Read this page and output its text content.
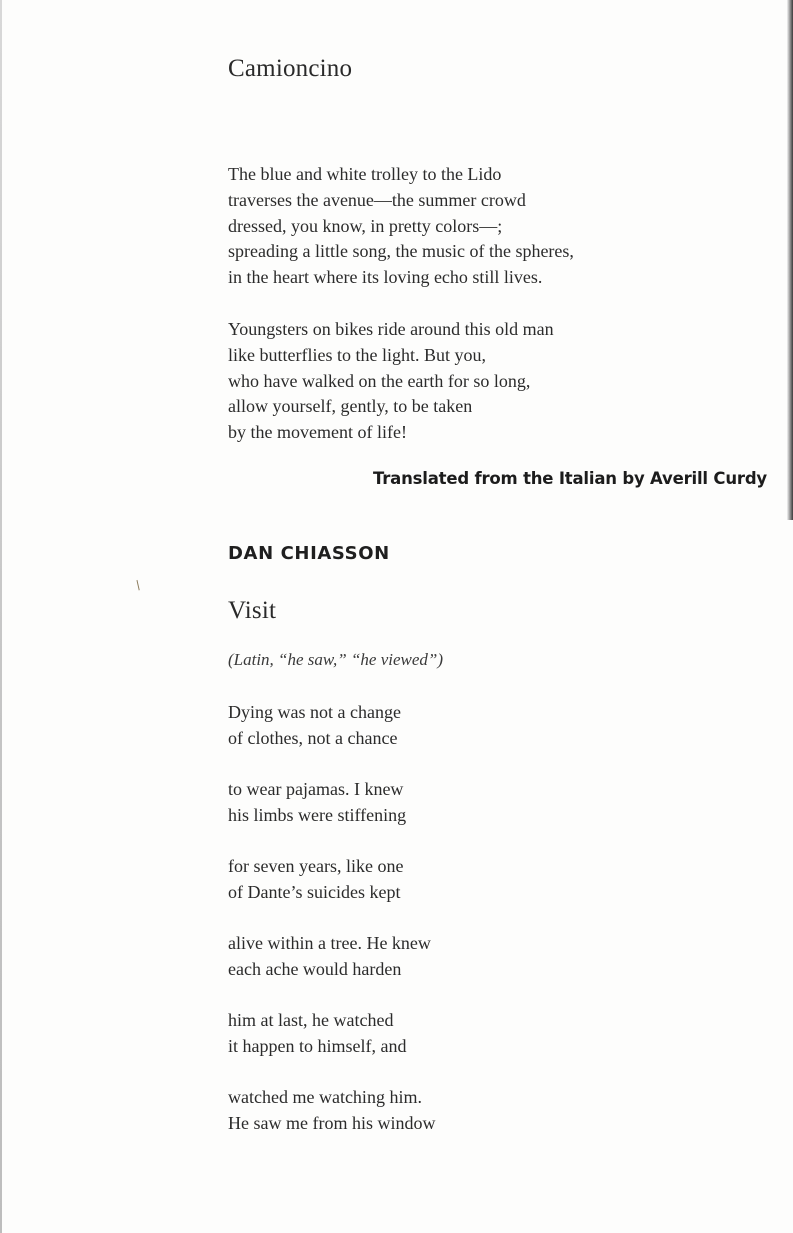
/
Camioncino

The blue and white trolley to the Lido
traverses the avenue—the summer crowd
dressed, you know, in pretty colors—;
spreading a little song, the music of the spheres,
in the heart where its loving echo still lives.

Youngsters on bikes ride around this old man
like butterflies to the light. But you,
who have walked on the earth for so long,
allow yourself, gently, to be taken
by the movement of life!

Translated from the Italian by Averill Curdy
DAN CHIASSON
Visit

(Latin, “he saw,” “he viewed”)

Dying was not a change
of clothes, not a chance

to wear pajamas. I knew
his limbs were stiffening

for seven years, like one
of Dante’s suicides kept

alive within a tree. He knew
each ache would harden

him at last, he watched
it happen to himself, and

watched me watching him.
He saw me from his window
